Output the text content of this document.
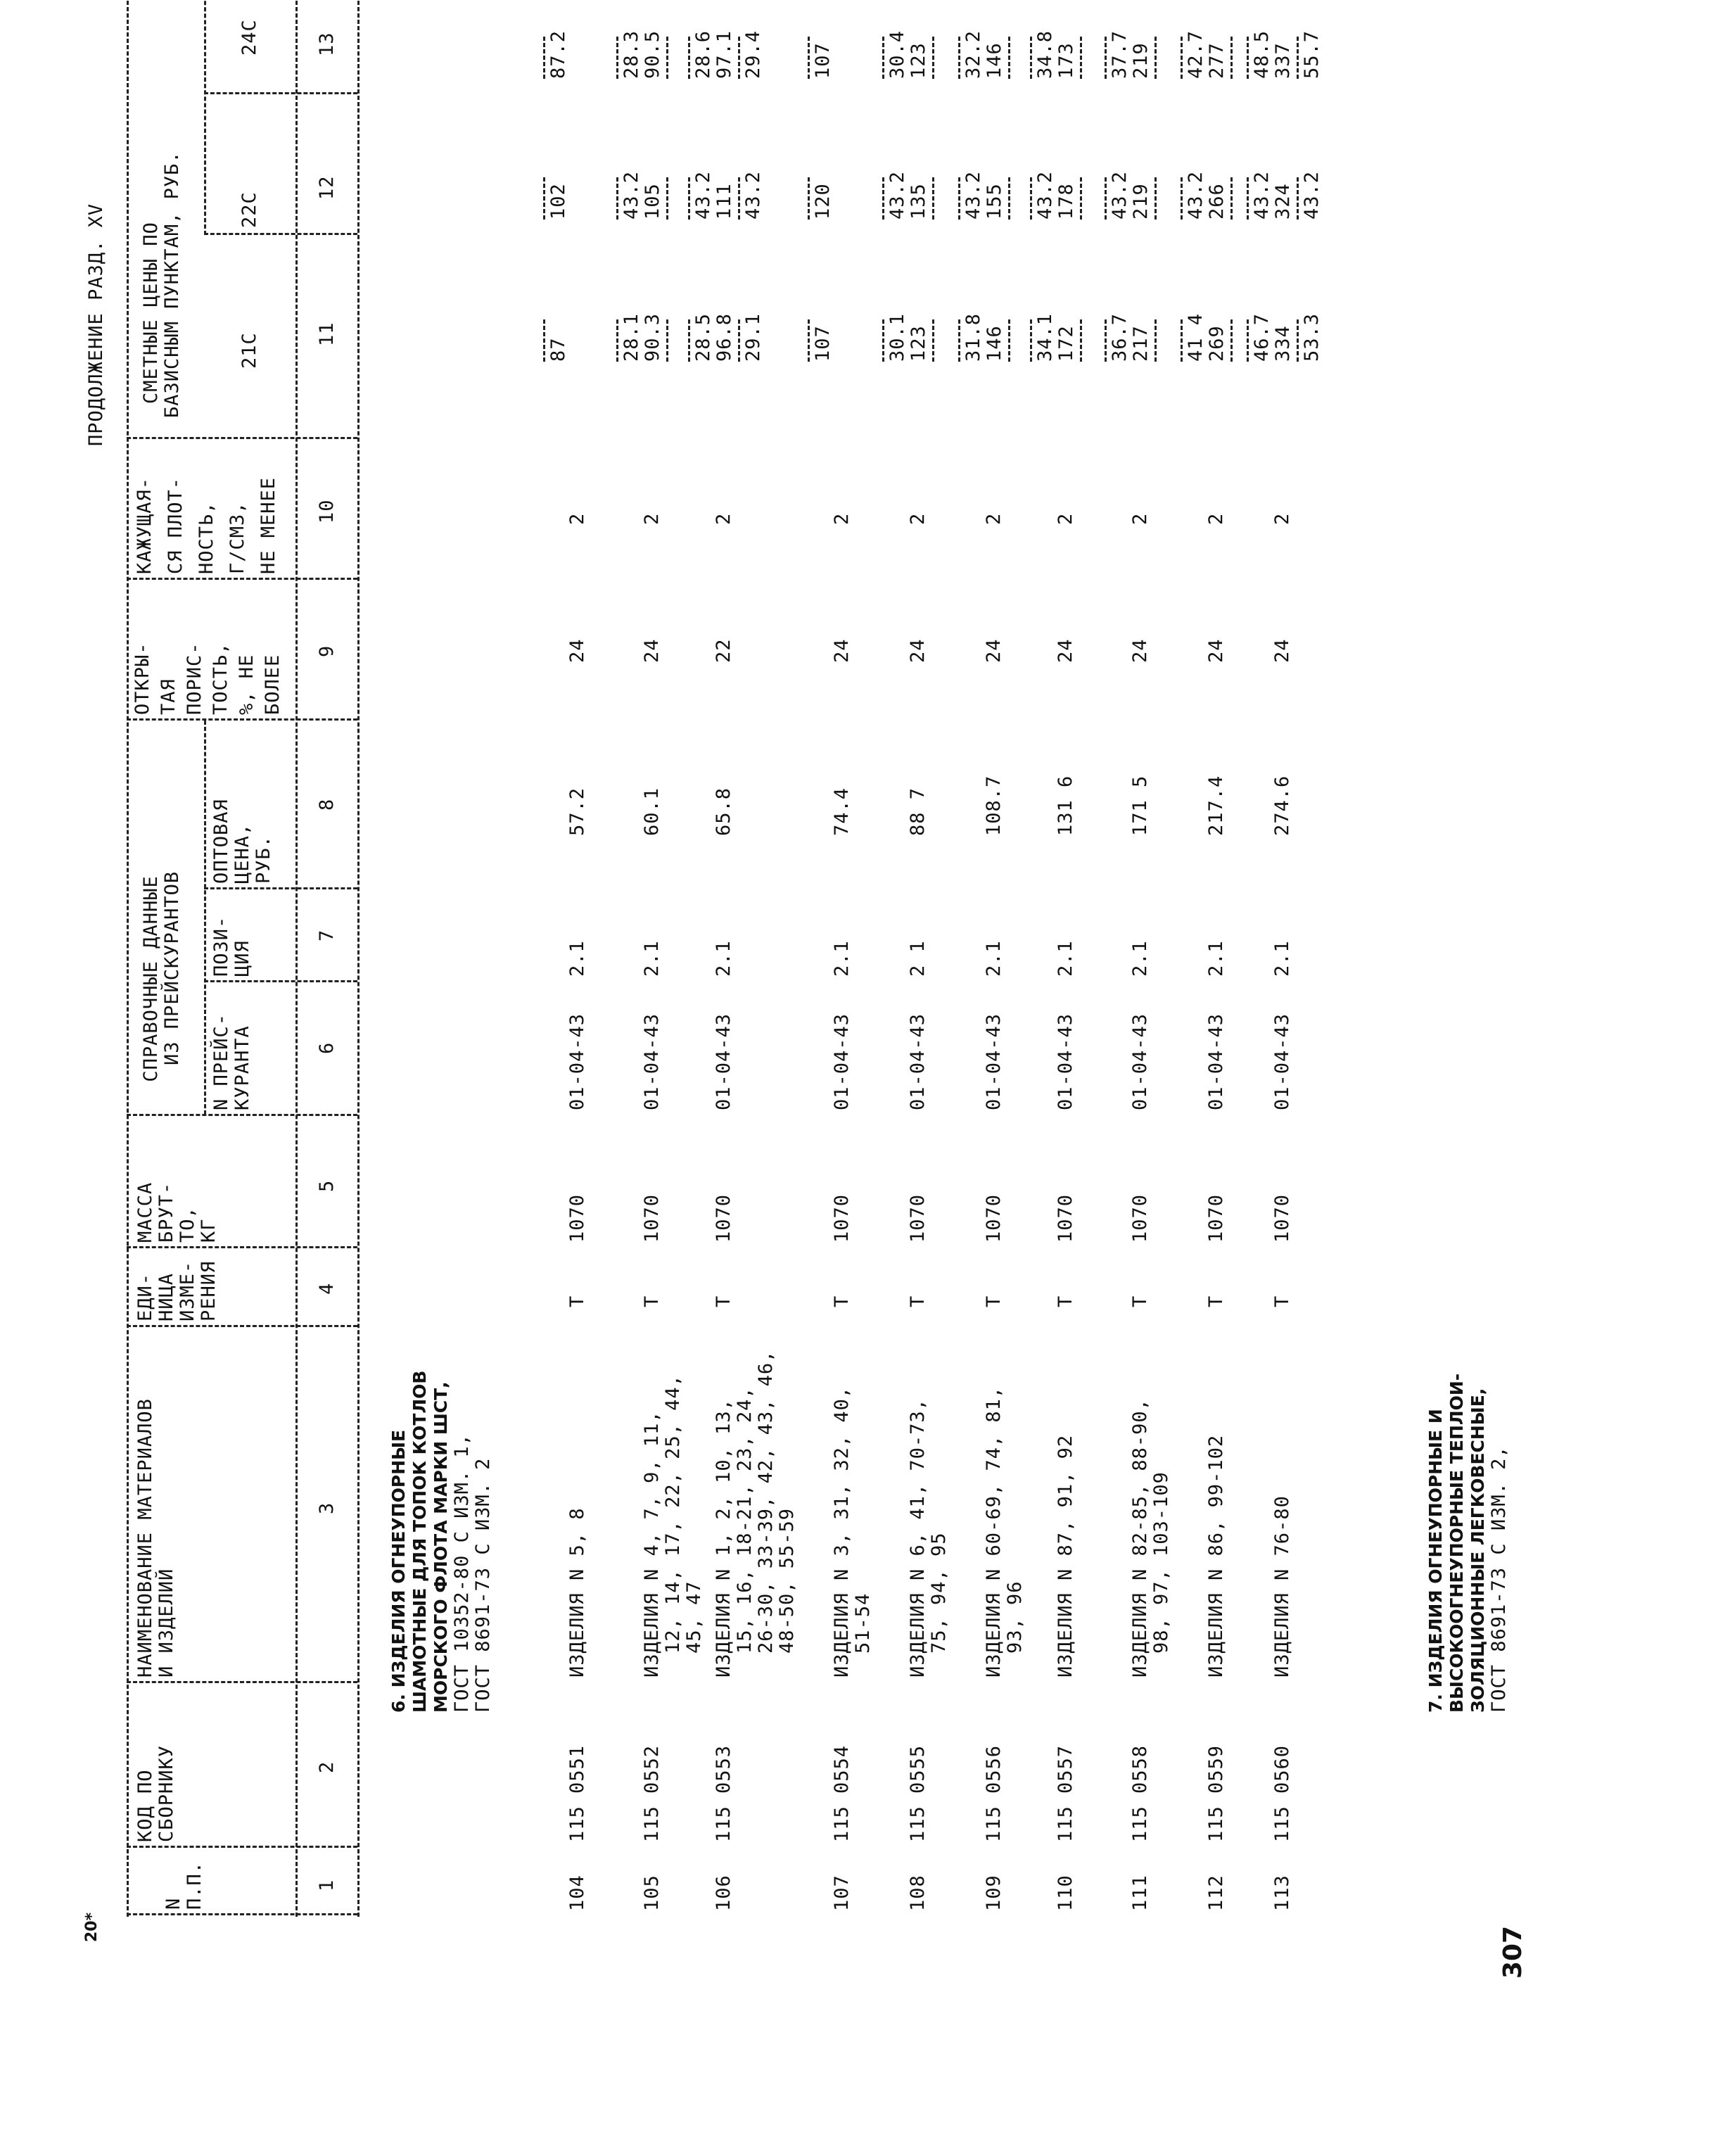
20*	307
ПРОДОЛЖЕНИЕ РАЗД. XV
N П.П.
КОД ПО СБОРНИКУ
НАИМЕНОВАНИЕ МАТЕРИАЛОВ И ИЗДЕЛИЙ
ЕДИ- НИЦА ИЗМЕ- РЕНИЯ
МАССА БРУТ- ТО, КГ
СПРАВОЧНЫЕ ДАННЫЕ ИЗ ПРЕЙСКУРАНТОВ N ПРЕЙС- КУРАНТА
ПОЗИ- ЦИЯ
ОПТОВАЯ ЦЕНА, РУБ.
ОТКРЫ- ТАЯ ПОРИС- ТОСТЬ, %, НЕ БОЛЕЕ
КАЖУЩАЯ- СЯ ПЛОТ- НОСТЬ, Г/СМ3, НЕ МЕНЕЕ
СМЕТНЫЕ ЦЕНЫ ПО БАЗИСНЫМ ПУНКТАМ, РУБ.	21С
22С
24С
1
2
3
4
5
6
7
8
9
10
11
12
13
6. ИЗДЕЛИЯ ОГНЕУПОРНЫЕ ШАМОТНЫЕ ДЛЯ ТОПОК КОТЛОВ МОРСКОГО ФЛОТА МАРКИ ШСТ, ГОСТ 10352-80 С ИЗМ. 1, ГОСТ 8691-73 С ИЗМ. 2
104
115 0551
ИЗДЕЛИЯ N 5, 8
Т
1070
01-04-43
2.1
57.2
24
2
87
102
87.2
105
115 0552
ИЗДЕЛИЯ N 4, 7, 9, 11, 12, 14, 17, 22, 25, 44, 45, 47
Т
1070
01-04-43
2.1
60.1
24
2
28.1 90.3
43.2 105
28.3 90.5
106
115 0553
ИЗДЕЛИЯ N 1, 2, 10, 13, 15, 16, 18-21, 23, 24, 26-30, 33-39, 42, 43, 46, 48-50, 55-59
Т
1070
01-04-43
2.1
65.8
22
2
28.5 96.8 29.1
43.2 111 43.2
28.6 97.1 29.4
107
115 0554
ИЗДЕЛИЯ N 3, 31, 32, 40, 51-54
Т
1070
01-04-43
2.1
74.4
24
2
107
120
107
108
115 0555
ИЗДЕЛИЯ N 6, 41, 70-73, 75, 94, 95
Т
1070
01-04-43
2 1
88 7
24
2
30.1 123
43.2 135
30.4 123
109
115 0556
ИЗДЕЛИЯ N 60-69, 74, 81, 93, 96
Т
1070
01-04-43
2.1
108.7
24
2
31.8 146
43.2 155
32.2 146
110
115 0557
ИЗДЕЛИЯ N 87, 91, 92
Т
1070
01-04-43
2.1
131 6
24
2
34.1 172
43.2 178
34.8 173
111
115 0558
ИЗДЕЛИЯ N 82-85, 88-90, 98, 97, 103-109
Т
1070
01-04-43
2.1
171 5
24
2
36.7 217
43.2 219
37.7 219
112
115 0559
ИЗДЕЛИЯ N 86, 99-102
Т
1070
01-04-43
2.1
217.4
24
2
41 4 269
43.2 266
42.7 277
113
115 0560
ИЗДЕЛИЯ N 76-80
Т
1070
01-04-43
2.1
274.6
24
2
46.7 334 53.3
43.2 324 43.2
48.5 337 55.7
7. ИЗДЕЛИЯ ОГНЕУПОРНЫЕ И ВЫСОКООГНЕУПОРНЫЕ ТЕПЛОИ- ЗОЛЯЦИОННЫЕ ЛЕГКОВЕСНЫЕ, ГОСТ 8691-73 С ИЗМ. 2,
